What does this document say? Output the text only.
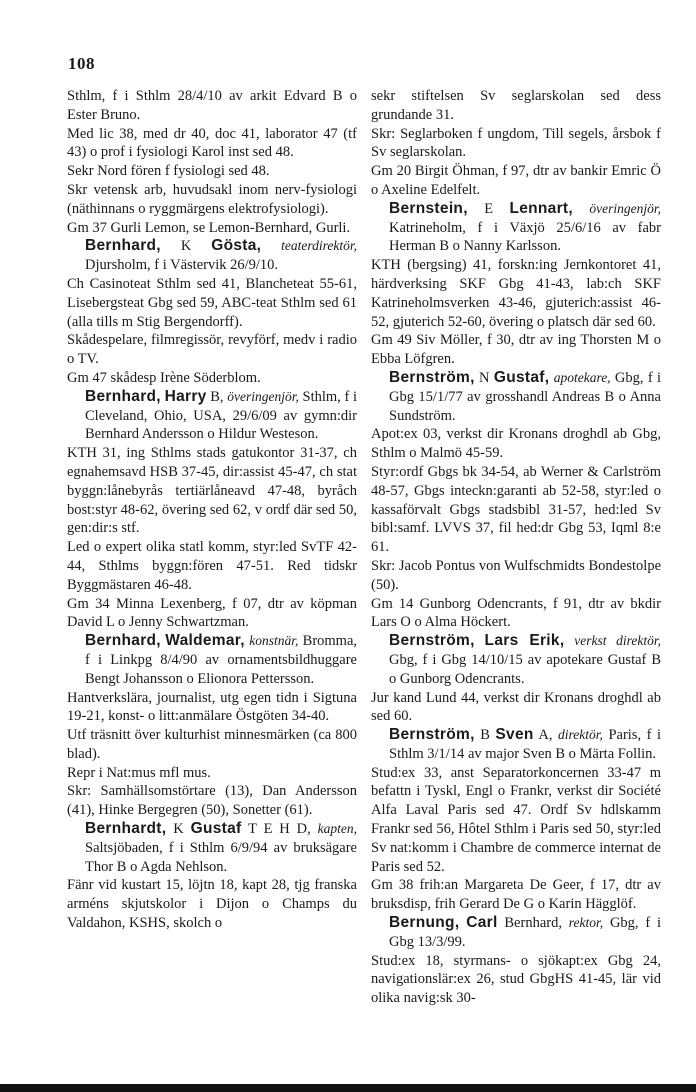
108

Sthlm, f i Sthlm 28/4/10 av arkit Edvard B o Ester Bruno.

Med lic 38, med dr 40, doc 41, laborator 47 (tf 43) o prof i fysiologi Karol inst sed 48.

Sekr Nord fören f fysiologi sed 48.

Skr vetensk arb, huvudsakl inom nerv-fysiologi (näthinnans o ryggmärgens elektrofysiologi).

Gm 37 Gurli Lemon, se Lemon-Bernhard, Gurli.

Bernhard, K Gösta, teaterdirektör, Djursholm, f i Västervik 26/9/10.

Ch Casinoteat Sthlm sed 41, Blancheteat 55-61, Lisebergsteat Gbg sed 59, ABC-teat Sthlm sed 61 (alla tills m Stig Bergendorff).

Skådespelare, filmregissör, revyförf, medv i radio o TV.

Gm 47 skådesp Irène Söderblom.

Bernhard, Harry B, överingenjör, Sthlm, f i Cleveland, Ohio, USA, 29/6/09 av gymn:dir Bernhard Andersson o Hildur Westeson.

KTH 31, ing Sthlms stads gatukontor 31-37, ch egnahemsavd HSB 37-45, dir:assist 45-47, ch stat byggn:lånebyrås tertiärlåneavd 47-48, byråch bost:styr 48-62, övering sed 62, v ordf där sed 50, gen:dir:s stf.

Led o expert olika statl komm, styr:led SvTF 42-44, Sthlms byggn:fören 47-51. Red tidskr Byggmästaren 46-48.

Gm 34 Minna Lexenberg, f 07, dtr av köpman David L o Jenny Schwartzman.

Bernhard, Waldemar, konstnär, Bromma, f i Linkpg 8/4/90 av ornamentsbildhuggare Bengt Johansson o Elionora Pettersson.

Hantverkslära, journalist, utg egen tidn i Sigtuna 19-21, konst- o litt:anmälare Östgöten 34-40.

Utf träsnitt över kulturhist minnesmärken (ca 800 blad).

Repr i Nat:mus mfl mus.

Skr: Samhällsomstörtare (13), Dan Andersson (41), Hinke Bergegren (50), Sonetter (61).

Bernhardt, K Gustaf T E H D, kapten, Saltsjöbaden, f i Sthlm 6/9/94 av bruksägare Thor B o Agda Nehlson.

Fänr vid kustart 15, löjtn 18, kapt 28, tjg franska arméns skjutskolor i Dijon o Champs du Valdahon, KSHS, skolch o

sekr stiftelsen Sv seglarskolan sed dess grundande 31.

Skr: Seglarboken f ungdom, Till segels, årsbok f Sv seglarskolan.

Gm 20 Birgit Öhman, f 97, dtr av bankir Emric Ö o Axeline Edelfelt.

Bernstein, E Lennart, överingenjör, Katrineholm, f i Växjö 25/6/16 av fabr Herman B o Nanny Karlsson.

KTH (bergsing) 41, forskn:ing Jernkontoret 41, härdverksing SKF Gbg 41-43, lab:ch SKF Katrineholmsverken 43-46, gjuterich:assist 46-52, gjuterich 52-60, övering o platsch där sed 60.

Gm 49 Siv Möller, f 30, dtr av ing Thorsten M o Ebba Löfgren.

Bernström, N Gustaf, apotekare, Gbg, f i Gbg 15/1/77 av grosshandl Andreas B o Anna Sundström.

Apot:ex 03, verkst dir Kronans droghdl ab Gbg, Sthlm o Malmö 45-59.

Styr:ordf Gbgs bk 34-54, ab Werner & Carlström 48-57, Gbgs inteckn:garanti ab 52-58, styr:led o kassaförvalt Gbgs stadsbibl 31-57, hed:led Sv bibl:samf. LVVS 37, fil hed:dr Gbg 53, Iqml 8:e 61.

Skr: Jacob Pontus von Wulfschmidts Bondestolpe (50).

Gm 14 Gunborg Odencrants, f 91, dtr av bkdir Lars O o Alma Höckert.

Bernström, Lars Erik, verkst direktör, Gbg, f i Gbg 14/10/15 av apotekare Gustaf B o Gunborg Odencrants.

Jur kand Lund 44, verkst dir Kronans droghdl ab sed 60.

Bernström, B Sven A, direktör, Paris, f i Sthlm 3/1/14 av major Sven B o Märta Follin.

Stud:ex 33, anst Separatorkoncernen 33-47 m befattn i Tyskl, Engl o Frankr, verkst dir Société Alfa Laval Paris sed 47. Ordf Sv hdlskamm Frankr sed 56, Hôtel Sthlm i Paris sed 50, styr:led Sv nat:komm i Chambre de commerce internat de Paris sed 52.

Gm 38 frih:an Margareta De Geer, f 17, dtr av bruksdisp, frih Gerard De G o Karin Hägglöf.

Bernung, Carl Bernhard, rektor, Gbg, f i Gbg 13/3/99.

Stud:ex 18, styrmans- o sjökapt:ex Gbg 24, navigationslär:ex 26, stud GbgHS 41-45, lär vid olika navig:sk 30-
